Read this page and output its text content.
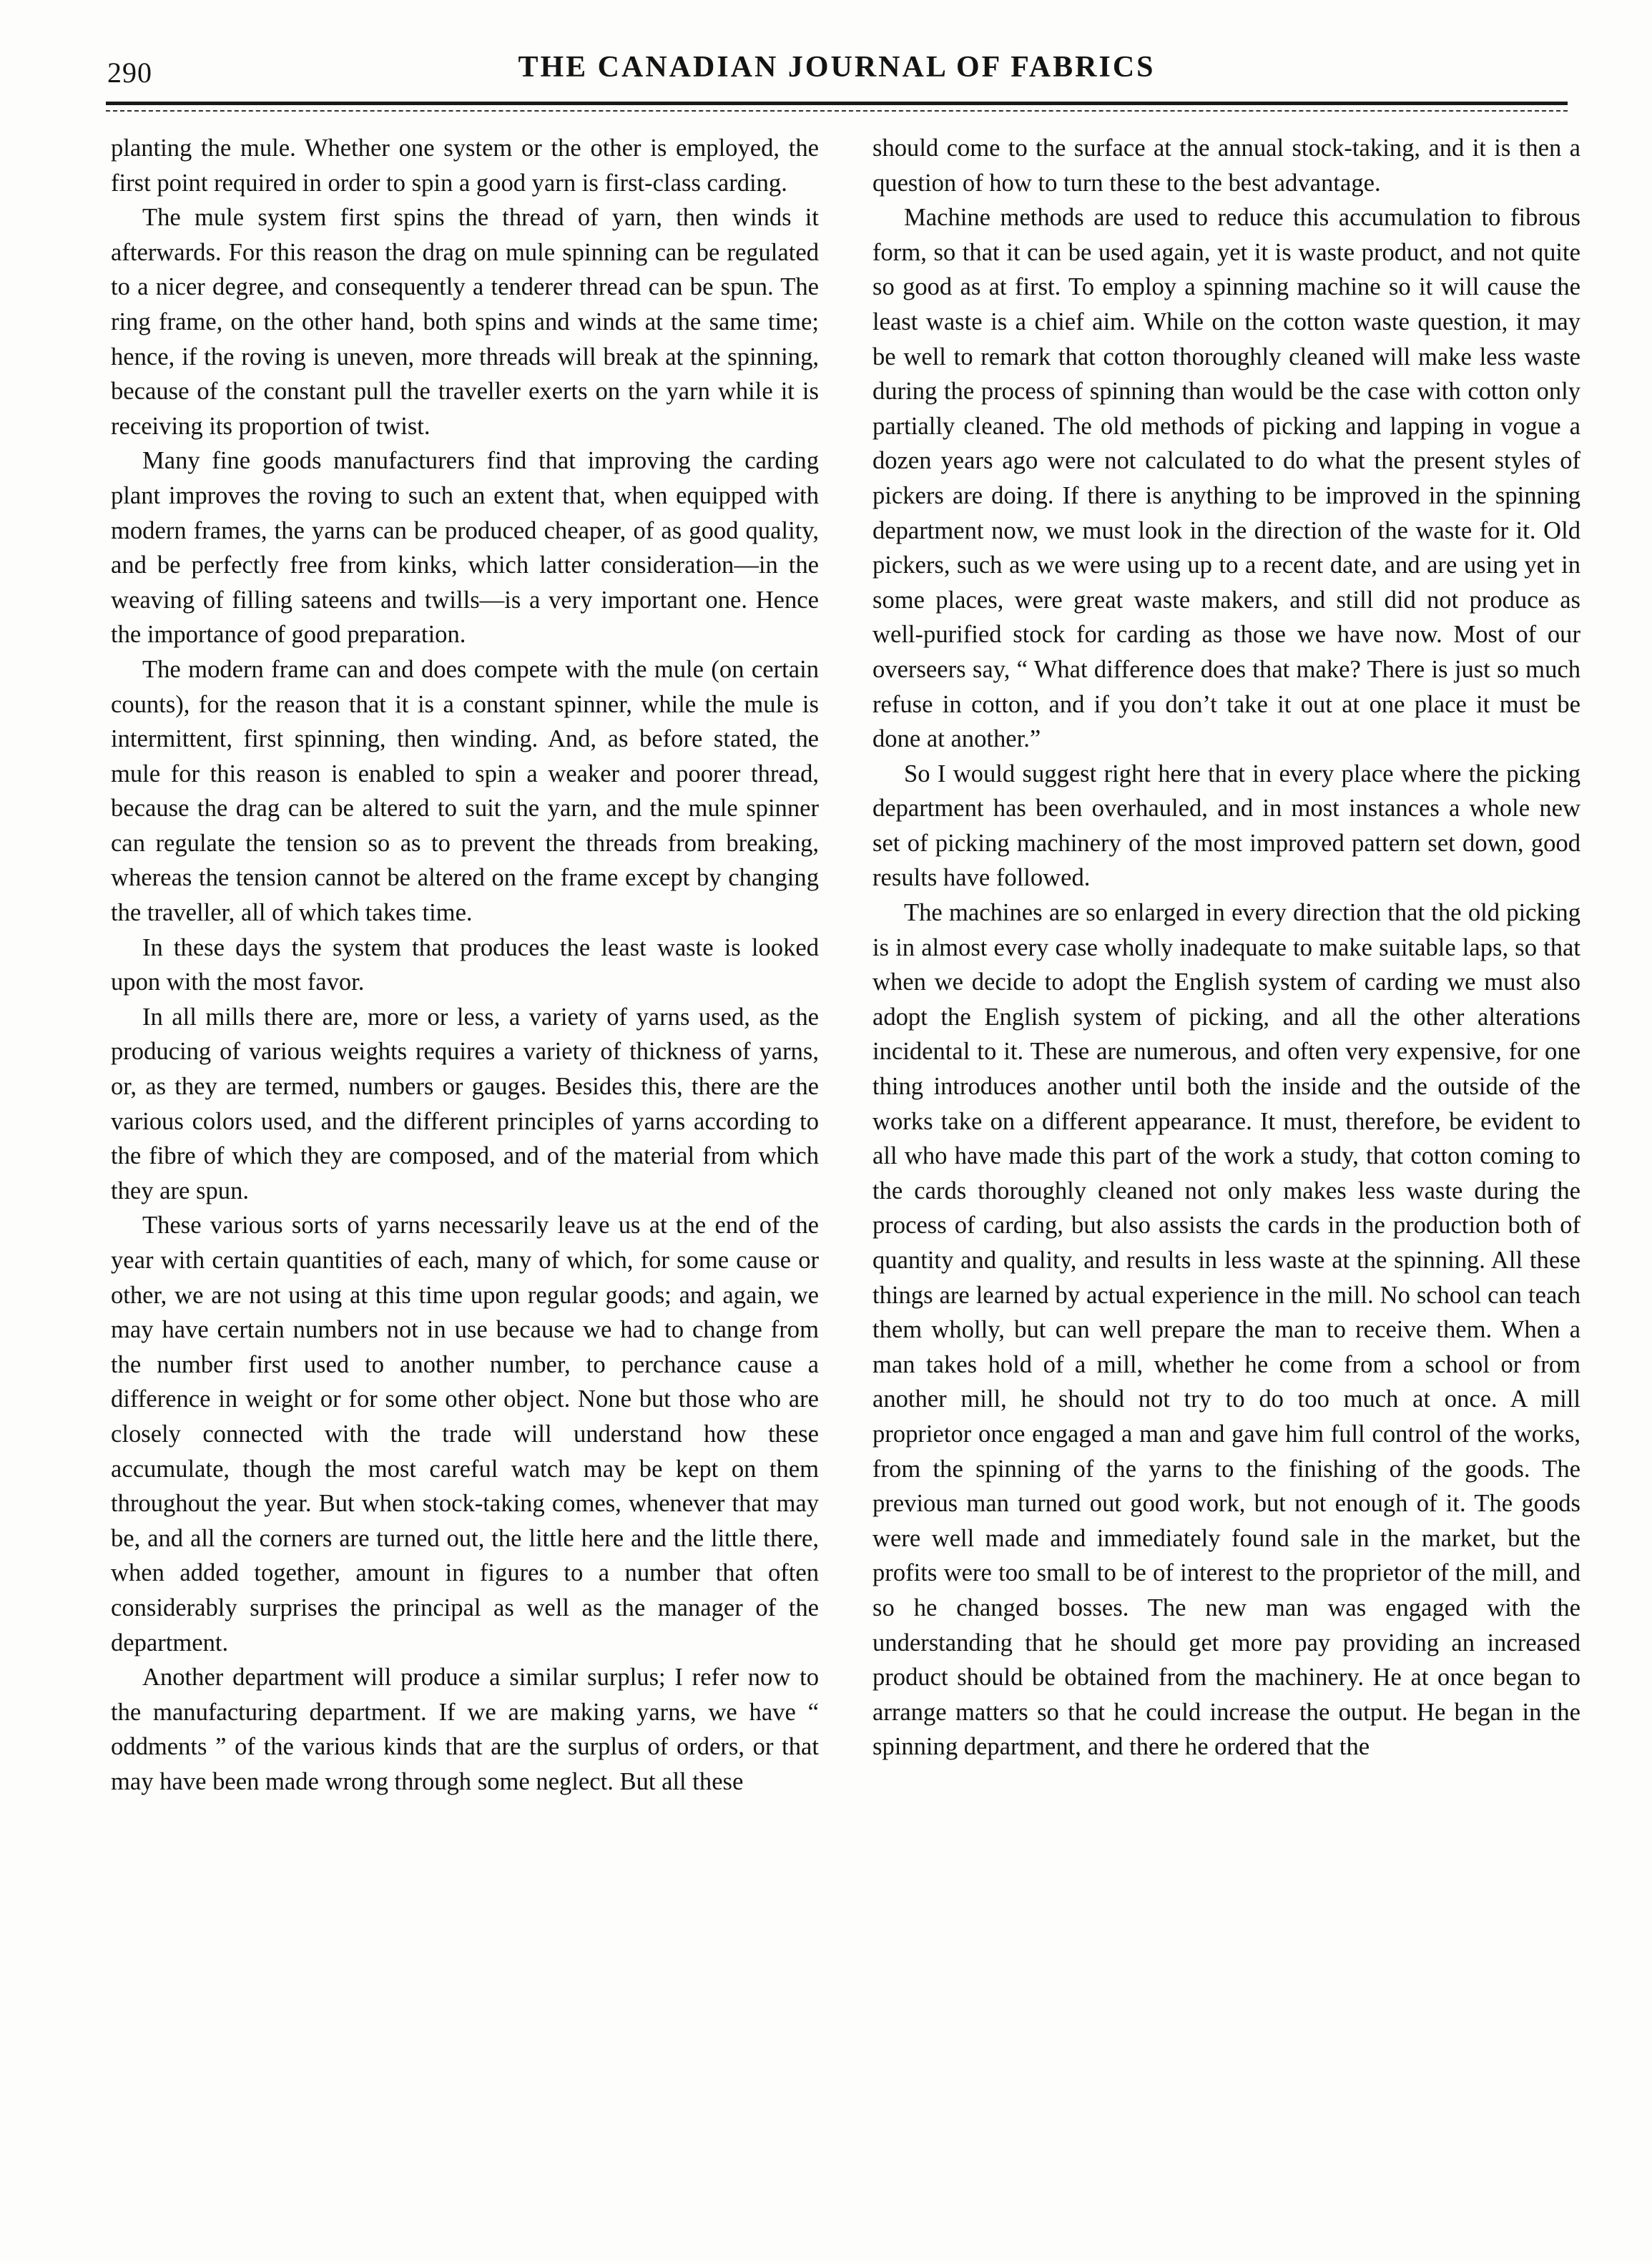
290	THE CANADIAN JOURNAL OF FABRICS

planting the mule. Whether one system or the other is employed, the first point required in order to spin a good yarn is first-class carding.

The mule system first spins the thread of yarn, then winds it afterwards. For this reason the drag on mule spinning can be regulated to a nicer degree, and consequently a tenderer thread can be spun. The ring frame, on the other hand, both spins and winds at the same time; hence, if the roving is uneven, more threads will break at the spinning, because of the constant pull the traveller exerts on the yarn while it is receiving its proportion of twist.

Many fine goods manufacturers find that improving the carding plant improves the roving to such an extent that, when equipped with modern frames, the yarns can be produced cheaper, of as good quality, and be perfectly free from kinks, which latter consideration—in the weaving of filling sateens and twills—is a very important one. Hence the importance of good preparation.

The modern frame can and does compete with the mule (on certain counts), for the reason that it is a constant spinner, while the mule is intermittent, first spinning, then winding. And, as before stated, the mule for this reason is enabled to spin a weaker and poorer thread, because the drag can be altered to suit the yarn, and the mule spinner can regulate the tension so as to prevent the threads from breaking, whereas the tension cannot be altered on the frame except by changing the traveller, all of which takes time.

In these days the system that produces the least waste is looked upon with the most favor.

In all mills there are, more or less, a variety of yarns used, as the producing of various weights requires a variety of thickness of yarns, or, as they are termed, numbers or gauges. Besides this, there are the various colors used, and the different principles of yarns according to the fibre of which they are composed, and of the material from which they are spun.

These various sorts of yarns necessarily leave us at the end of the year with certain quantities of each, many of which, for some cause or other, we are not using at this time upon regular goods; and again, we may have certain numbers not in use because we had to change from the number first used to another number, to perchance cause a difference in weight or for some other object. None but those who are closely connected with the trade will understand how these accumulate, though the most careful watch may be kept on them throughout the year. But when stock-taking comes, whenever that may be, and all the corners are turned out, the little here and the little there, when added together, amount in figures to a number that often considerably surprises the principal as well as the manager of the department.

Another department will produce a similar surplus; I refer now to the manufacturing department. If we are making yarns, we have “ oddments ” of the various kinds that are the surplus of orders, or that may have been made wrong through some neglect. But all these

should come to the surface at the annual stock-taking, and it is then a question of how to turn these to the best advantage.

Machine methods are used to reduce this accumulation to fibrous form, so that it can be used again, yet it is waste product, and not quite so good as at first. To employ a spinning machine so it will cause the least waste is a chief aim. While on the cotton waste question, it may be well to remark that cotton thoroughly cleaned will make less waste during the process of spinning than would be the case with cotton only partially cleaned. The old methods of picking and lapping in vogue a dozen years ago were not calculated to do what the present styles of pickers are doing. If there is anything to be improved in the spinning department now, we must look in the direction of the waste for it. Old pickers, such as we were using up to a recent date, and are using yet in some places, were great waste makers, and still did not produce as well-purified stock for carding as those we have now. Most of our overseers say, “ What difference does that make? There is just so much refuse in cotton, and if you don’t take it out at one place it must be done at another.”

So I would suggest right here that in every place where the picking department has been overhauled, and in most instances a whole new set of picking machinery of the most improved pattern set down, good results have followed.

The machines are so enlarged in every direction that the old picking is in almost every case wholly inadequate to make suitable laps, so that when we decide to adopt the English system of carding we must also adopt the English system of picking, and all the other alterations incidental to it. These are numerous, and often very expensive, for one thing introduces another until both the inside and the outside of the works take on a different appearance. It must, therefore, be evident to all who have made this part of the work a study, that cotton coming to the cards thoroughly cleaned not only makes less waste during the process of carding, but also assists the cards in the production both of quantity and quality, and results in less waste at the spinning. All these things are learned by actual experience in the mill. No school can teach them wholly, but can well prepare the man to receive them. When a man takes hold of a mill, whether he come from a school or from another mill, he should not try to do too much at once. A mill proprietor once engaged a man and gave him full control of the works, from the spinning of the yarns to the finishing of the goods. The previous man turned out good work, but not enough of it. The goods were well made and immediately found sale in the market, but the profits were too small to be of interest to the proprietor of the mill, and so he changed bosses. The new man was engaged with the understanding that he should get more pay providing an increased product should be obtained from the machinery. He at once began to arrange matters so that he could increase the output. He began in the spinning department, and there he ordered that the
